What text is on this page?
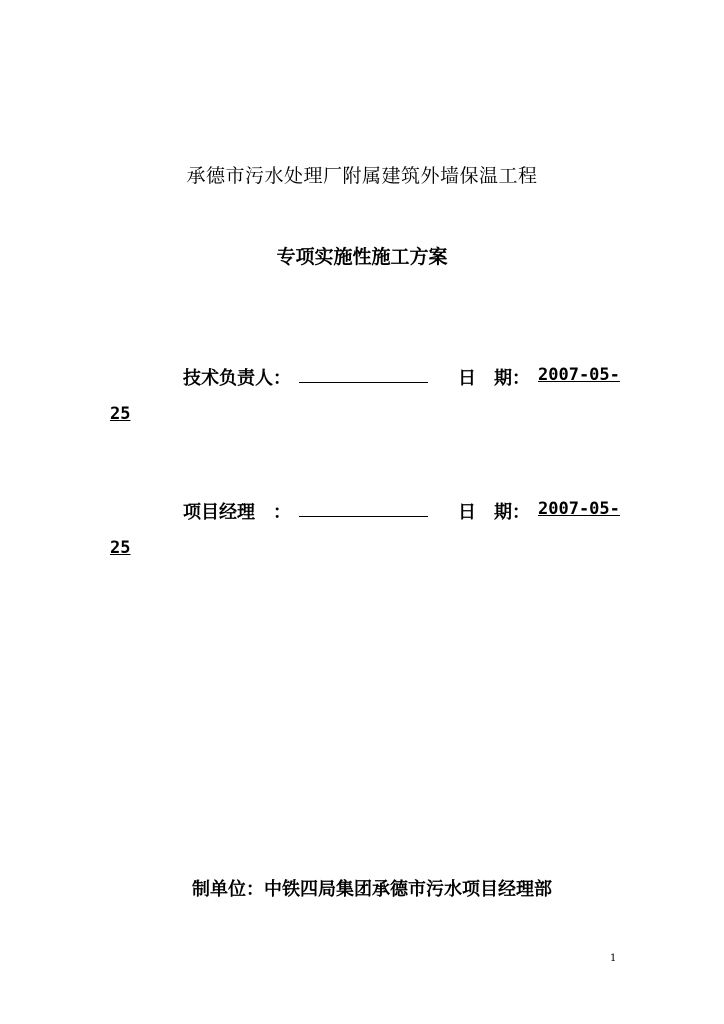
承德市污水处理厂附属建筑外墙保温工程
专项实施性施工方案
技术负责人：	日　期： 2007-05-
25
项目经理　：	日　期： 2007-05-
25
制单位：中铁四局集团承德市污水项目经理部
1
